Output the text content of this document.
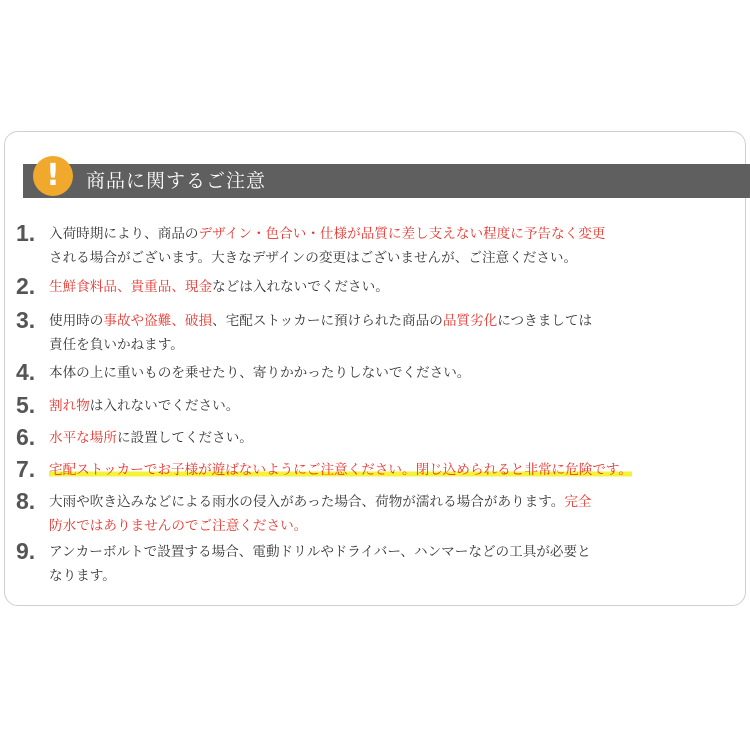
!	商品に関するご注意
1. 入荷時期により、商品のデザイン・色合い・仕様が品質に差し支えない程度に予告なく変更
される場合がございます。大きなデザインの変更はございませんが、ご注意ください。
2. 生鮮食料品、貴重品、現金などは入れないでください。
3. 使用時の事故や盗難、破損、宅配ストッカーに預けられた商品の品質劣化につきましては
責任を負いかねます。
4. 本体の上に重いものを乗せたり、寄りかかったりしないでください。
5. 割れ物は入れないでください。
6. 水平な場所に設置してください。
7. 宅配ストッカーでお子様が遊ばないようにご注意ください。閉じ込められると非常に危険です。
8. 大雨や吹き込みなどによる雨水の侵入があった場合、荷物が濡れる場合があります。完全
防水ではありませんのでご注意ください。
9. アンカーボルトで設置する場合、電動ドリルやドライバー、ハンマーなどの工具が必要と
なります。
